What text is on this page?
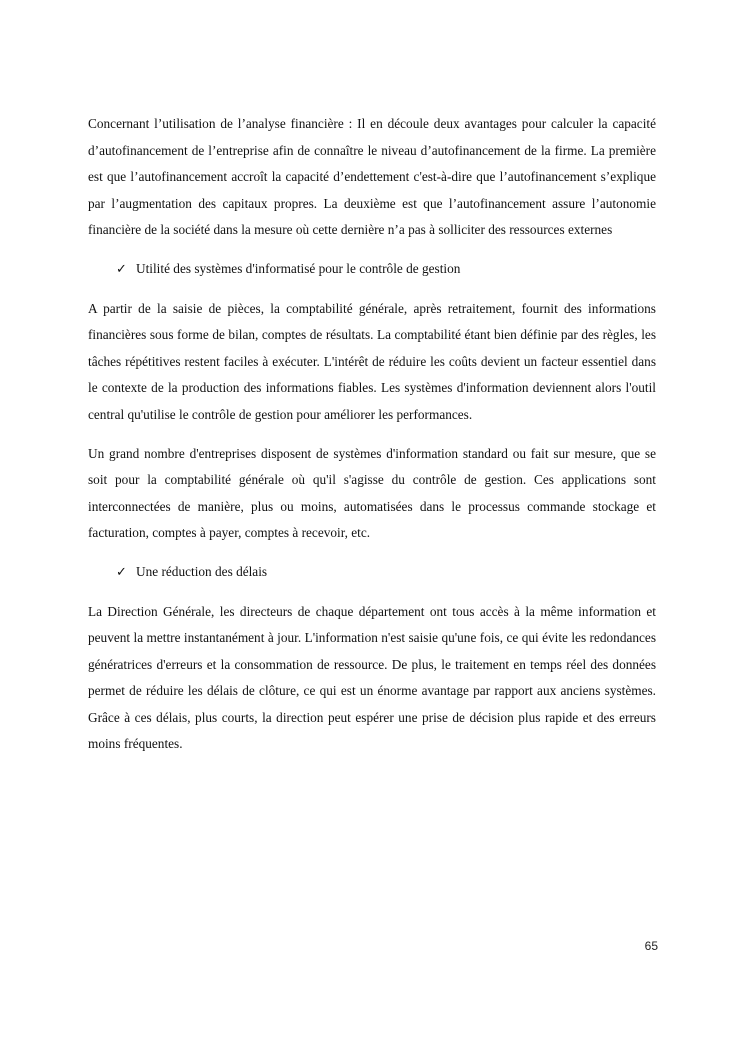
Concernant l’utilisation de l’analyse financière : Il en découle deux avantages pour calculer la capacité d’autofinancement de l’entreprise afin de connaître le niveau d’autofinancement de la firme. La première est que l’autofinancement accroît la capacité d’endettement c'est-à-dire que l’autofinancement s’explique par l’augmentation des capitaux propres. La deuxième est que l’autofinancement assure l’autonomie financière de la société dans la mesure où cette dernière n’a pas à solliciter des ressources externes

✓ Utilité des systèmes d'informatisé pour le contrôle de gestion

A partir de la saisie de pièces, la comptabilité générale, après retraitement, fournit des informations financières sous forme de bilan, comptes de résultats. La comptabilité étant bien définie par des règles, les tâches répétitives restent faciles à exécuter. L'intérêt de réduire les coûts devient un facteur essentiel dans le contexte de la production des informations fiables. Les systèmes d'information deviennent alors l'outil central qu'utilise le contrôle de gestion pour améliorer les performances.

Un grand nombre d'entreprises disposent de systèmes d'information standard ou fait sur mesure, que se soit pour la comptabilité générale où qu'il s'agisse du contrôle de gestion. Ces applications sont interconnectées de manière, plus ou moins, automatisées dans le processus commande stockage et facturation, comptes à payer, comptes à recevoir, etc.

✓ Une réduction des délais

La Direction Générale, les directeurs de chaque département ont tous accès à la même information et peuvent la mettre instantanément à jour. L'information n'est saisie qu'une fois, ce qui évite les redondances génératrices d'erreurs et la consommation de ressource. De plus, le traitement en temps réel des données permet de réduire les délais de clôture, ce qui est un énorme avantage par rapport aux anciens systèmes. Grâce à ces délais, plus courts, la direction peut espérer une prise de décision plus rapide et des erreurs moins fréquentes.

65
